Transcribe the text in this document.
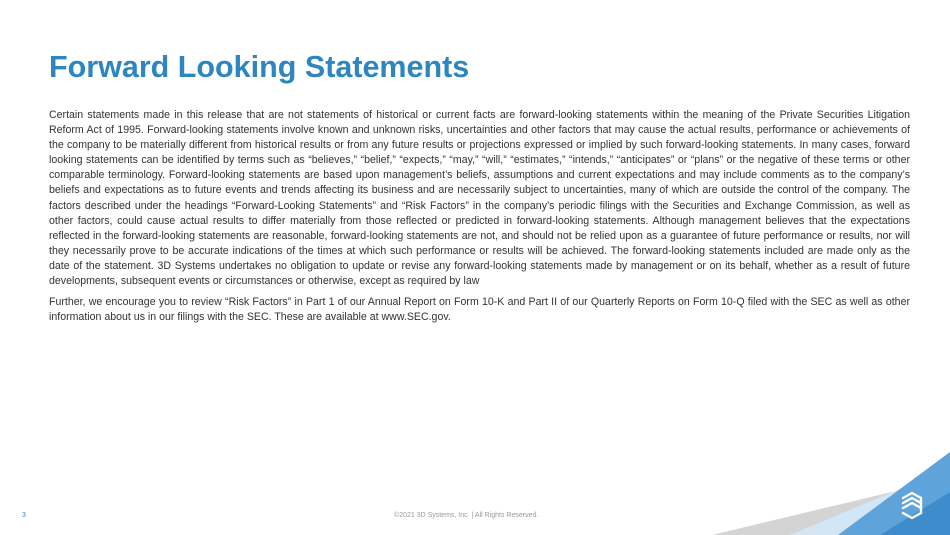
Forward Looking Statements

Certain statements made in this release that are not statements of historical or current facts are forward-looking statements within the meaning of the Private Securities Litigation Reform Act of 1995. Forward-looking statements involve known and unknown risks, uncertainties and other factors that may cause the actual results, performance or achievements of the company to be materially different from historical results or from any future results or projections expressed or implied by such forward-looking statements. In many cases, forward looking statements can be identified by terms such as “believes,” “belief,” “expects,” “may,” “will,” “estimates,” “intends,” “anticipates” or “plans” or the negative of these terms or other comparable terminology. Forward-looking statements are based upon management’s beliefs, assumptions and current expectations and may include comments as to the company’s beliefs and expectations as to future events and trends affecting its business and are necessarily subject to uncertainties, many of which are outside the control of the company. The factors described under the headings “Forward-Looking Statements” and “Risk Factors” in the company’s periodic filings with the Securities and Exchange Commission, as well as other factors, could cause actual results to differ materially from those reflected or predicted in forward-looking statements. Although management believes that the expectations reflected in the forward-looking statements are reasonable, forward-looking statements are not, and should not be relied upon as a guarantee of future performance or results, nor will they necessarily prove to be accurate indications of the times at which such performance or results will be achieved. The forward-looking statements included are made only as the date of the statement. 3D Systems undertakes no obligation to update or revise any forward-looking statements made by management or on its behalf, whether as a result of future developments, subsequent events or circumstances or otherwise, except as required by law

Further, we encourage you to review “Risk Factors” in Part 1 of our Annual Report on Form 10-K and Part II of our Quarterly Reports on Form 10-Q filed with the SEC as well as other information about us in our filings with the SEC. These are available at www.SEC.gov.

3	©2021 3D Systems, Inc. | All Rights Reserved.
